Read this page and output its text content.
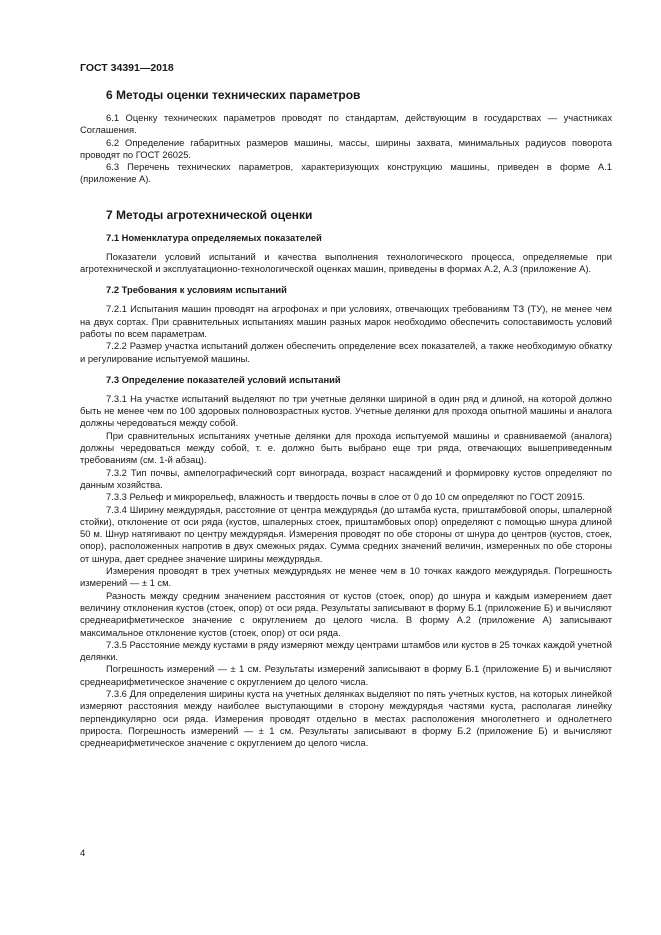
ГОСТ 34391—2018
6 Методы оценки технических параметров

6.1 Оценку технических параметров проводят по стандартам, действующим в государствах — участниках Соглашения.

6.2 Определение габаритных размеров машины, массы, ширины захвата, минимальных радиусов поворота проводят по ГОСТ 26025.

6.3 Перечень технических параметров, характеризующих конструкцию машины, приведен в форме А.1 (приложение А).

7 Методы агротехнической оценки
7.1 Номенклатура определяемых показателей

Показатели условий испытаний и качества выполнения технологического процесса, определяемые при агротехнической и эксплуатационно-технологической оценках машин, приведены в формах А.2, А.3 (приложение А).

7.2 Требования к условиям испытаний

7.2.1 Испытания машин проводят на агрофонах и при условиях, отвечающих требованиям ТЗ (ТУ), не менее чем на двух сортах. При сравнительных испытаниях машин разных марок необходимо обеспечить сопоставимость условий работы по всем параметрам.

7.2.2 Размер участка испытаний должен обеспечить определение всех показателей, а также необходимую обкатку и регулирование испытуемой машины.

7.3 Определение показателей условий испытаний

7.3.1 На участке испытаний выделяют по три учетные делянки шириной в один ряд и длиной, на которой должно быть не менее чем по 100 здоровых полновозрастных кустов. Учетные делянки для прохода опытной машины и аналога должны чередоваться между собой.

При сравнительных испытаниях учетные делянки для прохода испытуемой машины и сравниваемой (аналога) должны чередоваться между собой, т. е. должно быть выбрано еще три ряда, отвечающих вышеприведенным требованиям (см. 1-й абзац).

7.3.2 Тип почвы, ампелографический сорт винограда, возраст насаждений и формировку кустов определяют по данным хозяйства.

7.3.3 Рельеф и микрорельеф, влажность и твердость почвы в слое от 0 до 10 см определяют по ГОСТ 20915.

7.3.4 Ширину междурядья, расстояние от центра междурядья (до штамба куста, приштамбовой опоры, шпалерной стойки), отклонение от оси ряда (кустов, шпалерных стоек, приштамбовых опор) определяют с помощью шнура длиной 50 м. Шнур натягивают по центру междурядья. Измерения проводят по обе стороны от шнура до центров (кустов, стоек, опор), расположенных напротив в двух смежных рядах. Сумма средних значений величин, измеренных по обе стороны от шнура, дает среднее значение ширины междурядья.

Измерения проводят в трех учетных междурядьях не менее чем в 10 точках каждого междурядья. Погрешность измерений — ± 1 см.

Разность между средним значением расстояния от кустов (стоек, опор) до шнура и каждым измерением дает величину отклонения кустов (стоек, опор) от оси ряда. Результаты записывают в форму Б.1 (приложение Б) и вычисляют среднеарифметическое значение с округлением до целого числа. В форму А.2 (приложение А) записывают максимальное отклонение кустов (стоек, опор) от оси ряда.

7.3.5 Расстояние между кустами в ряду измеряют между центрами штамбов или кустов в 25 точках каждой учетной делянки.

Погрешность измерений — ± 1 см. Результаты измерений записывают в форму Б.1 (приложение Б) и вычисляют среднеарифметическое значение с округлением до целого числа.

7.3.6 Для определения ширины куста на учетных делянках выделяют по пять учетных кустов, на которых линейкой измеряют расстояния между наиболее выступающими в сторону междурядья частями куста, располагая линейку перпендикулярно оси ряда. Измерения проводят отдельно в местах расположения многолетнего и однолетнего прироста. Погрешность измерений — ± 1 см. Результаты записывают в форму Б.2 (приложение Б) и вычисляют среднеарифметическое значение с округлением до целого числа.

4
